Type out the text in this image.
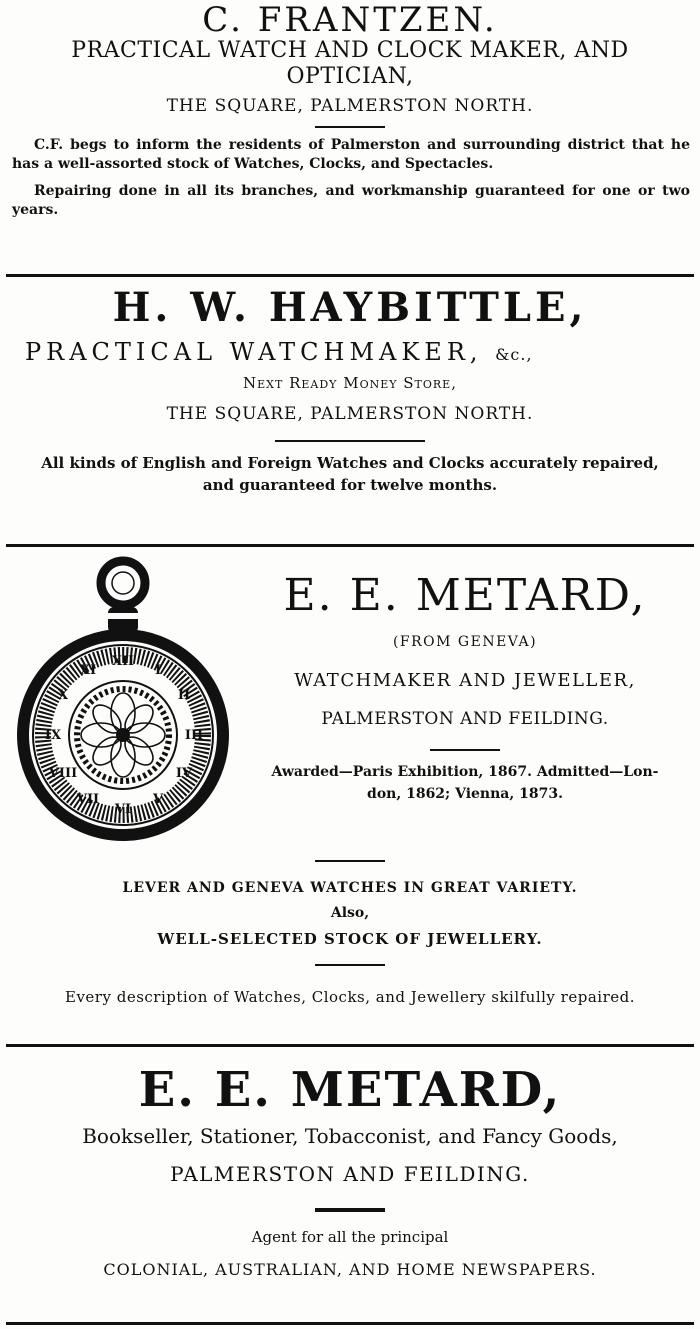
C. FRANTZEN.
PRACTICAL WATCH AND CLOCK MAKER, AND
OPTICIAN,
THE SQUARE, PALMERSTON NORTH.

C.F. begs to inform the residents of Palmerston and surrounding district that he has a well-assorted stock of Watches, Clocks, and Spectacles.

Repairing done in all its branches, and workmanship guaranteed for one or two years.

H. W. HAYBITTLE,
PRACTICAL WATCHMAKER, &c.,
Next Ready Money Store,
THE SQUARE, PALMERSTON NORTH.
All kinds of English and Foreign Watches and Clocks accurately repaired,
and guaranteed for twelve months.
XII
I
II
III
IV
V
VI
VII
VIII
IX
X
XI
E. E. METARD,
(FROM GENEVA)
WATCHMAKER AND JEWELLER,
PALMERSTON AND FEILDING.
Awarded—Paris Exhibition, 1867. Admitted—Lon-
don, 1862; Vienna, 1873.
LEVER AND GENEVA WATCHES IN GREAT VARIETY.
Also,
WELL-SELECTED STOCK OF JEWELLERY.
Every description of Watches, Clocks, and Jewellery skilfully repaired.
E. E. METARD,
Bookseller, Stationer, Tobacconist, and Fancy Goods,
PALMERSTON AND FEILDING.
Agent for all the principal
COLONIAL, AUSTRALIAN, AND HOME NEWSPAPERS.
